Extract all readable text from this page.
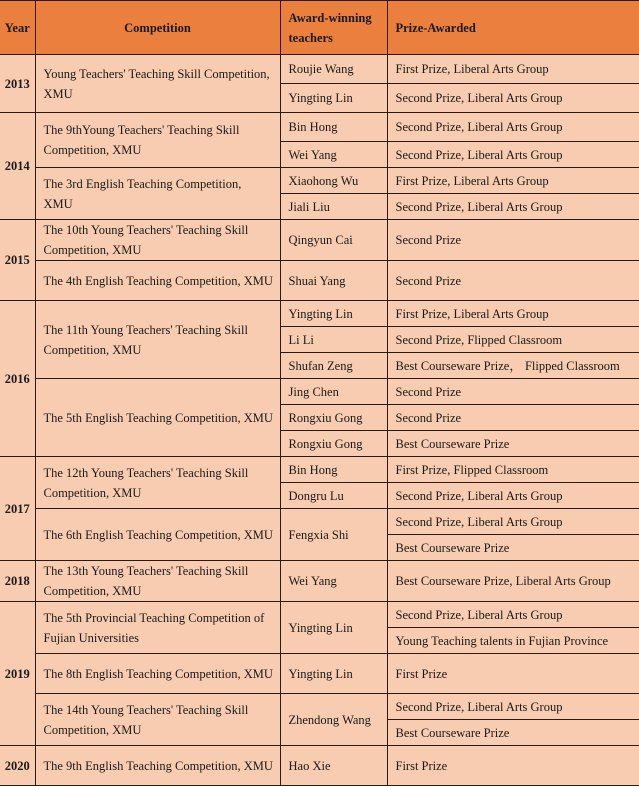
Year	Competition	Award-winning teachers	Prize-Awarded
2013	Young Teachers' Teaching Skill Competition, XMU	Roujie Wang	First Prize, Liberal Arts Group
		Yingting Lin	Second Prize, Liberal Arts Group
2014	The 9thYoung Teachers' Teaching Skill Competition, XMU	Bin Hong	Second Prize, Liberal Arts Group
		Wei Yang	Second Prize, Liberal Arts Group
	The 3rd English Teaching Competition, XMU	Xiaohong Wu	First Prize, Liberal Arts Group
		Jiali Liu	Second Prize, Liberal Arts Group
2015	The 10th Young Teachers' Teaching Skill Competition, XMU	Qingyun Cai	Second Prize
	The 4th English Teaching Competition, XMU	Shuai Yang	Second Prize
2016	The 11th Young Teachers' Teaching Skill Competition, XMU	Yingting Lin	First Prize, Liberal Arts Group
		Li Li	Second Prize, Flipped Classroom
		Shufan Zeng	Best Courseware Prize， Flipped Classroom
	The 5th English Teaching Competition, XMU	Jing Chen	Second Prize
		Rongxiu Gong	Second Prize
		Rongxiu Gong	Best Courseware Prize
2017	The 12th Young Teachers' Teaching Skill Competition, XMU	Bin Hong	First Prize, Flipped Classroom
		Dongru Lu	Second Prize, Liberal Arts Group
	The 6th English Teaching Competition, XMU	Fengxia Shi	Second Prize, Liberal Arts Group
			Best Courseware Prize
2018	The 13th Young Teachers' Teaching Skill Competition, XMU	Wei Yang	Best Courseware Prize, Liberal Arts Group
2019	The 5th Provincial Teaching Competition of Fujian Universities	Yingting Lin	Second Prize, Liberal Arts Group
			Young Teaching talents in Fujian Province
	The 8th English Teaching Competition, XMU	Yingting Lin	First Prize
	The 14th Young Teachers' Teaching Skill Competition, XMU	Zhendong Wang	Second Prize, Liberal Arts Group
			Best Courseware Prize
2020	The 9th English Teaching Competition, XMU	Hao Xie	First Prize
